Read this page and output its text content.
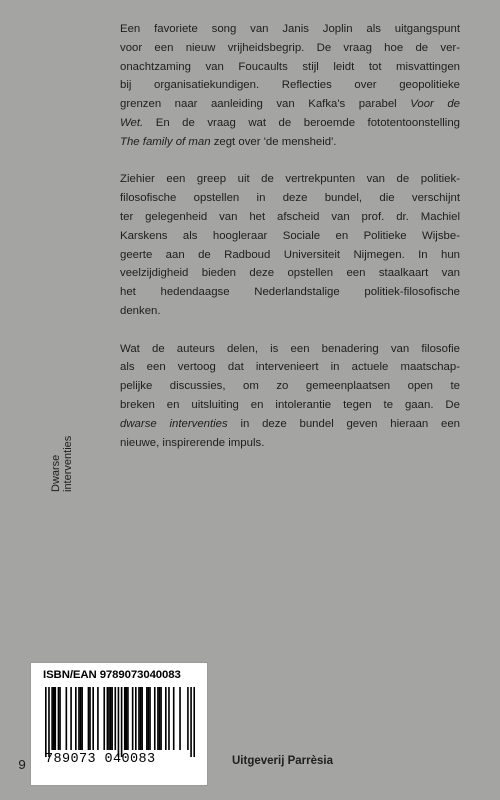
Een favoriete song van Janis Joplin als uitgangspunt
voor een nieuw vrijheidsbegrip. De vraag hoe de ver-
onachtzaming van Foucaults stijl leidt tot misvattingen
bij organisatiekundigen. Reflecties over geopolitieke
grenzen naar aanleiding van Kafka's parabel Voor de
Wet. En de vraag wat de beroemde fototentoonstelling
The family of man zegt over 'de mensheid'.
Ziehier een greep uit de vertrekpunten van de politiek-
filosofische opstellen in deze bundel, die verschijnt
ter gelegenheid van het afscheid van prof. dr. Machiel
Karskens als hoogleraar Sociale en Politieke Wijsbe-
geerte aan de Radboud Universiteit Nijmegen. In hun
veelzijdigheid bieden deze opstellen een staalkaart van
het hedendaagse Nederlandstalige politiek-filosofische
denken.
Wat de auteurs delen, is een benadering van filosofie
als een vertoog dat intervenieert in actuele maatschap-
pelijke discussies, om zo gemeenplaatsen open te
breken en uitsluiting en intolerantie tegen te gaan. De
dwarse interventies in deze bundel geven hieraan een
nieuwe, inspirerende impuls.
Dwarse interventies
ISBN/EAN 9789073040083
789073 040083
9	Uitgeverij Parrèsia
